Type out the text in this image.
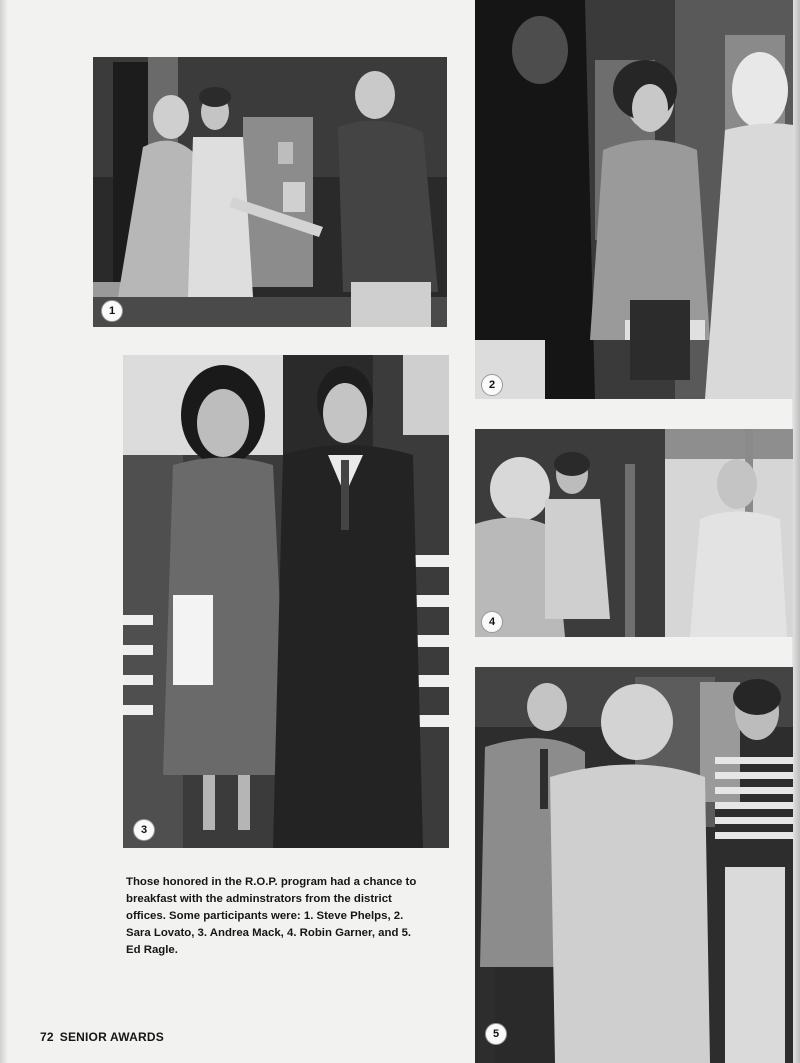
1
2
3
4
5

Those honored in the R.O.P. program had a chance to breakfast with the adminstrators from the district offices. Some participants were: 1. Steve Phelps, 2. Sara Lovato, 3. Andrea Mack, 4. Robin Garner, and 5. Ed Ragle.

72 SENIOR AWARDS
